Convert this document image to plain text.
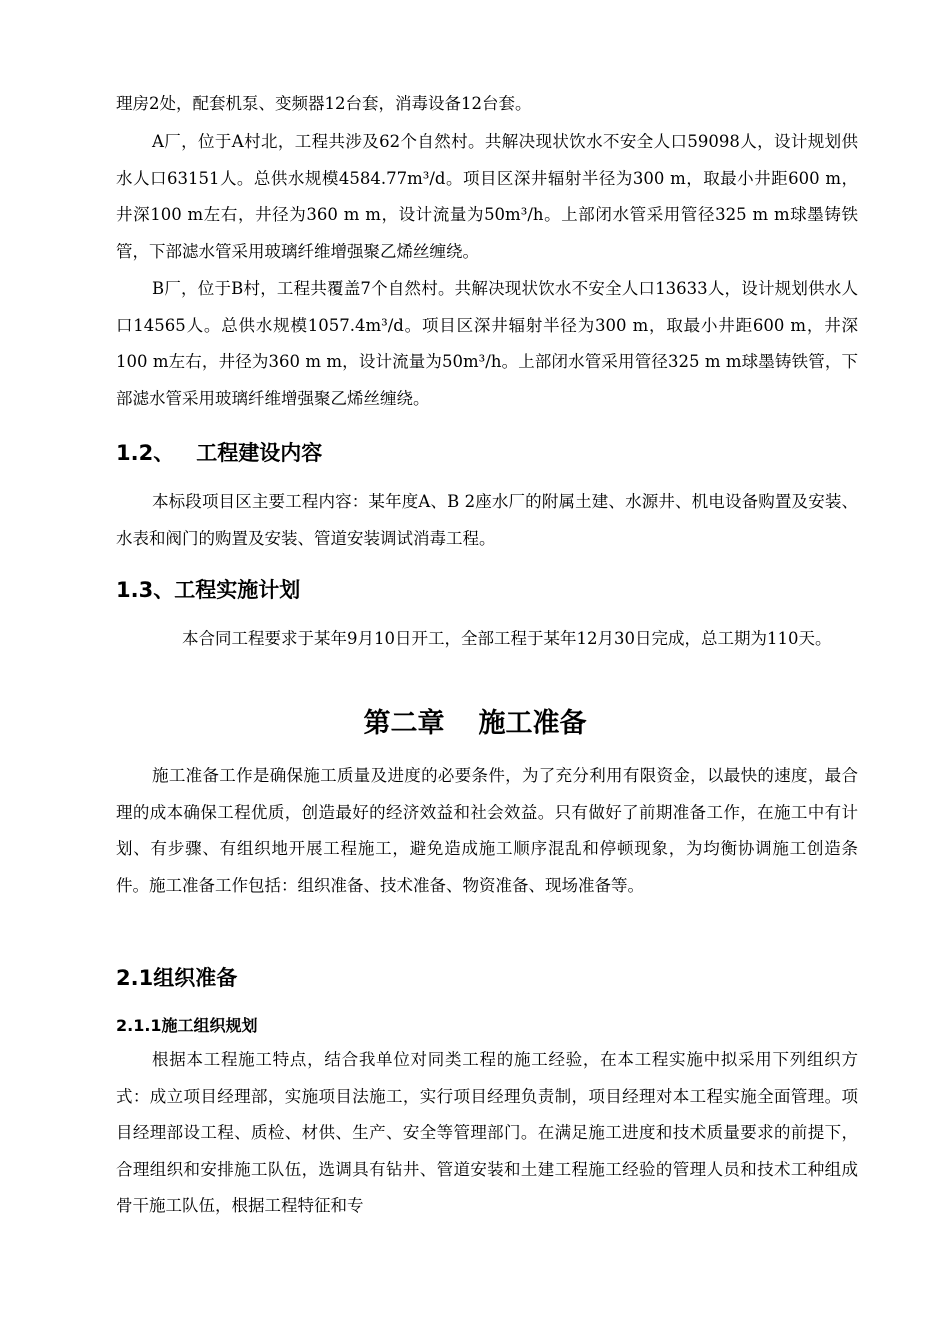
理房2处，配套机泵、变频器12台套，消毒设备12台套。

A厂，位于A村北，工程共涉及62个自然村。共解决现状饮水不安全人口59098人，设计规划供水人口63151人。总供水规模4584.77m³/d。项目区深井辐射半径为300 m，取最小井距600 m，井深100 m左右，井径为360 m m，设计流量为50m³/h。上部闭水管采用管径325 m m球墨铸铁管，下部滤水管采用玻璃纤维增强聚乙烯丝缠绕。

B厂，位于B村，工程共覆盖7个自然村。共解决现状饮水不安全人口13633人，设计规划供水人口14565人。总供水规模1057.4m³/d。项目区深井辐射半径为300 m，取最小井距600 m，井深100 m左右，井径为360 m m，设计流量为50m³/h。上部闭水管采用管径325 m m球墨铸铁管，下部滤水管采用玻璃纤维增强聚乙烯丝缠绕。

1.2、 工程建设内容

本标段项目区主要工程内容：某年度A、B 2座水厂的附属土建、水源井、机电设备购置及安装、水表和阀门的购置及安装、管道安装调试消毒工程。

1.3、工程实施计划

本合同工程要求于某年9月10日开工，全部工程于某年12月30日完成，总工期为110天。

第二章 施工准备

施工准备工作是确保施工质量及进度的必要条件，为了充分利用有限资金，以最快的速度，最合理的成本确保工程优质，创造最好的经济效益和社会效益。只有做好了前期准备工作，在施工中有计划、有步骤、有组织地开展工程施工，避免造成施工顺序混乱和停顿现象，为均衡协调施工创造条件。施工准备工作包括：组织准备、技术准备、物资准备、现场准备等。

2.1组织准备
2.1.1施工组织规划

根据本工程施工特点，结合我单位对同类工程的施工经验，在本工程实施中拟采用下列组织方式：成立项目经理部，实施项目法施工，实行项目经理负责制，项目经理对本工程实施全面管理。项目经理部设工程、质检、材供、生产、安全等管理部门。在满足施工进度和技术质量要求的前提下，合理组织和安排施工队伍，选调具有钻井、管道安装和土建工程施工经验的管理人员和技术工种组成骨干施工队伍，根据工程特征和专
